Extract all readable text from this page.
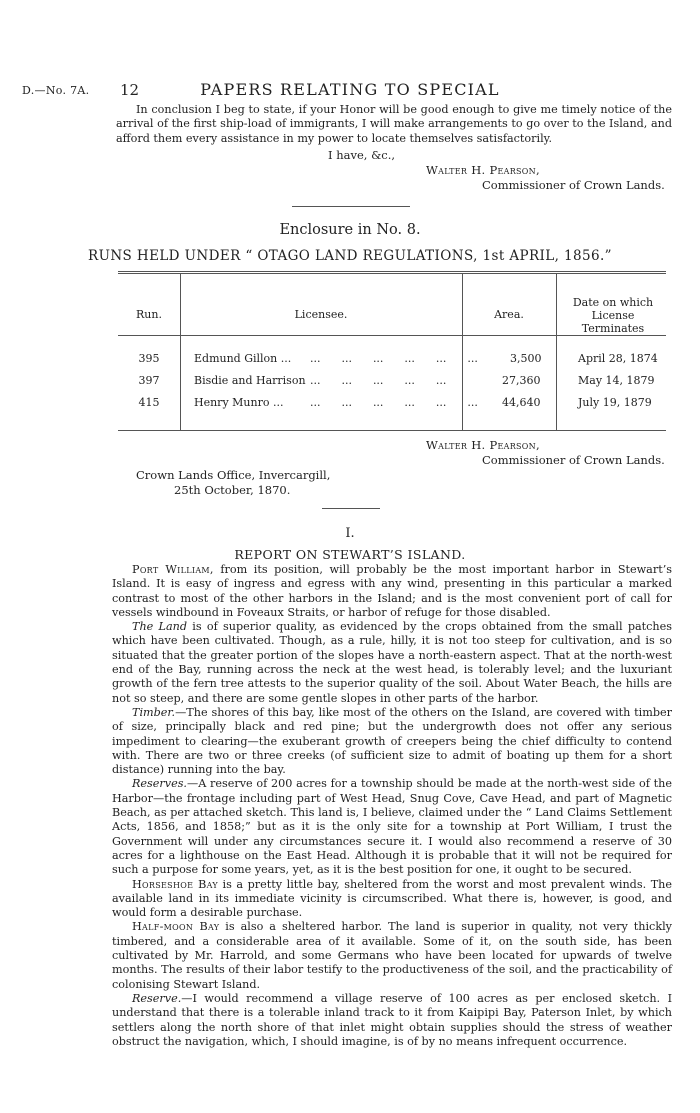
D.—No. 7A. 12	PAPERS RELATING TO SPECIAL

In conclusion I beg to state, if your Honor will be good enough to give me timely notice of the arrival of the first ship-load of immigrants, I will make arrangements to go over to the Island, and afford them every assistance in my power to locate themselves satisfactorily.

I have, &c.,
Walter H. Pearson,
Commissioner of Crown Lands.
Enclosure in No. 8.
RUNS HELD UNDER “ OTAGO LAND REGULATIONS, 1st APRIL, 1856.”
Run.	Licensee.	Area.
Date on which License Terminates
395	Edmund Gillon ... ...      ...      ...      ...      ...      ...	3,500	April 28, 1874
397	Bisdie and Harrison ...      ...      ...      ...      ...	27,360	May 14, 1879
415	Henry Munro ... ...      ...      ...      ...      ...      ... 44,640	July 19, 1879
Walter H. Pearson,
Commissioner of Crown Lands.
Crown Lands Office, Invercargill,
25th October, 1870.
I.
REPORT ON STEWART’S ISLAND.

Port William, from its position, will probably be the most important harbor in Stewart’s Island. It is easy of ingress and egress with any wind, presenting in this particular a marked contrast to most of the other harbors in the Island; and is the most convenient port of call for vessels windbound in Foveaux Straits, or harbor of refuge for those disabled.

The Land is of superior quality, as evidenced by the crops obtained from the small patches which have been cultivated. Though, as a rule, hilly, it is not too steep for cultivation, and is so situated that the greater portion of the slopes have a north-eastern aspect. That at the north-west end of the Bay, running across the neck at the west head, is tolerably level; and the luxuriant growth of the fern tree attests to the superior quality of the soil. About Water Beach, the hills are not so steep, and there are some gentle slopes in other parts of the harbor.

Timber.—The shores of this bay, like most of the others on the Island, are covered with timber of size, principally black and red pine; but the undergrowth does not offer any serious impediment to clearing—the exuberant growth of creepers being the chief difficulty to contend with. There are two or three creeks (of sufficient size to admit of boating up them for a short distance) running into the bay.

Reserves.—A reserve of 200 acres for a township should be made at the north-west side of the Harbor—the frontage including part of West Head, Snug Cove, Cave Head, and part of Magnetic Beach, as per attached sketch. This land is, I believe, claimed under the “ Land Claims Settlement Acts, 1856, and 1858;” but as it is the only site for a township at Port William, I trust the Government will under any circumstances secure it. I would also recommend a reserve of 30 acres for a lighthouse on the East Head. Although it is probable that it will not be required for such a purpose for some years, yet, as it is the best position for one, it ought to be secured.

Horseshoe Bay is a pretty little bay, sheltered from the worst and most prevalent winds. The available land in its immediate vicinity is circumscribed. What there is, however, is good, and would form a desirable purchase.

Half-moon Bay is also a sheltered harbor. The land is superior in quality, not very thickly timbered, and a considerable area of it available. Some of it, on the south side, has been cultivated by Mr. Harrold, and some Germans who have been located for upwards of twelve months. The results of their labor testify to the productiveness of the soil, and the practicability of colonising Stewart Island.

Reserve.—I would recommend a village reserve of 100 acres as per enclosed sketch. I understand that there is a tolerable inland track to it from Kaipipi Bay, Paterson Inlet, by which settlers along the north shore of that inlet might obtain supplies should the stress of weather obstruct the navigation, which, I should imagine, is of by no means infrequent occurrence.
